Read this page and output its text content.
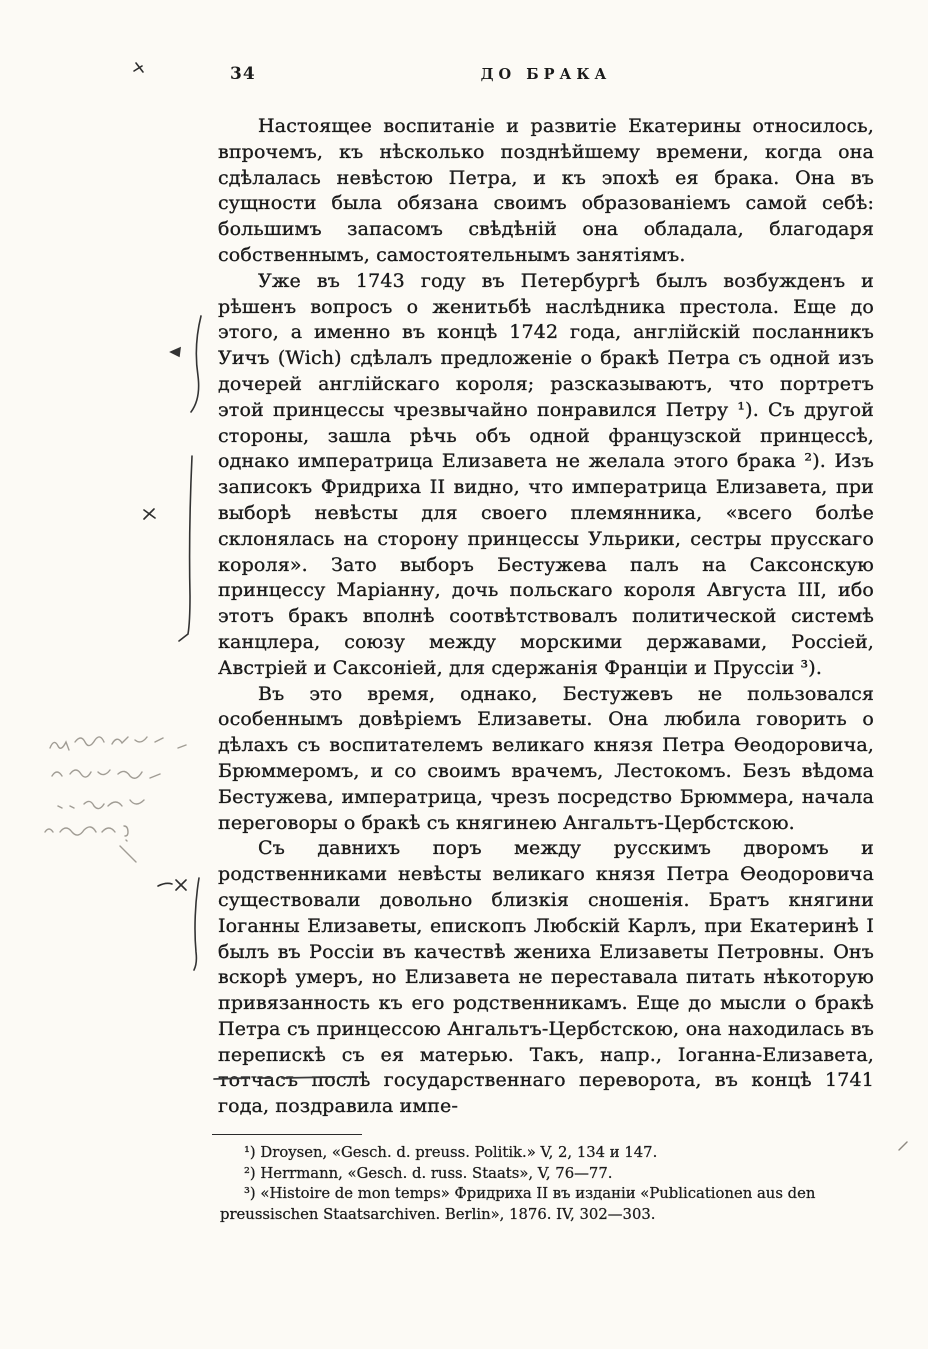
34	ДО БРАКА

Настоящее воспитаніе и развитіе Екатерины относилось, впрочемъ, къ нѣсколько позднѣйшему времени, когда она сдѣлалась невѣстою Петра, и къ эпохѣ ея брака. Она въ сущности была обязана своимъ образованіемъ самой себѣ: большимъ запасомъ свѣдѣній она обладала, благодаря собственнымъ, самостоятельнымъ занятіямъ.

Уже въ 1743 году въ Петербургѣ былъ возбужденъ и рѣшенъ вопросъ о женитьбѣ наслѣдника престола. Еще до этого, а именно въ концѣ 1742 года, англійскій посланникъ Уичъ (Wich) сдѣлалъ предложеніе о бракѣ Петра съ одной изъ дочерей англійскаго короля; разсказываютъ, что портретъ этой принцессы чрезвычайно понравился Петру ¹). Съ другой стороны, зашла рѣчь объ одной французской принцессѣ, однако императрица Елизавета не желала этого брака ²). Изъ записокъ Фридриха II видно, что императрица Елизавета, при выборѣ невѣсты для своего племянника, «всего болѣе склонялась на сторону принцессы Ульрики, сестры прусскаго короля». Зато выборъ Бестужева палъ на Саксонскую принцессу Маріанну, дочь польскаго короля Августа III, ибо этотъ бракъ вполнѣ соотвѣтствовалъ политической системѣ канцлера, союзу между морскими державами, Россіей, Австріей и Саксоніей, для сдержанія Франціи и Пруссіи ³).

Въ это время, однако, Бестужевъ не пользовался особеннымъ довѣріемъ Елизаветы. Она любила говорить о дѣлахъ съ воспитателемъ великаго князя Петра Ѳеодоровича, Брюммеромъ, и со своимъ врачемъ, Лестокомъ. Безъ вѣдома Бестужева, императрица, чрезъ посредство Брюммера, начала переговоры о бракѣ съ княгинею Ангальтъ-Цербстскою.

Съ давнихъ поръ между русскимъ дворомъ и родственниками невѣсты великаго князя Петра Ѳеодоровича существовали довольно близкія сношенія. Братъ княгини Іоганны Елизаветы, епископъ Любскій Карлъ, при Екатеринѣ I былъ въ Россіи въ качествѣ жениха Елизаветы Петровны. Онъ вскорѣ умеръ, но Елизавета не переставала питать нѣкоторую привязанность къ его родственникамъ. Еще до мысли о бракѣ Петра съ принцессою Ангальтъ-Цербстскою, она находилась въ перепискѣ съ ея матерью. Такъ, напр., Іоганна-Елизавета, тотчасъ послѣ государственнаго переворота, въ концѣ 1741 года, поздравила импе-

¹) Droysen, «Gesch. d. preuss. Politik.» V, 2, 134 и 147.

²) Herrmann, «Gesch. d. russ. Staats», V, 76—77.

³) «Histoire de mon temps» Фридриха II въ изданіи «Publicationen aus den preussischen Staatsarchiven. Berlin», 1876. IV, 302—303.
